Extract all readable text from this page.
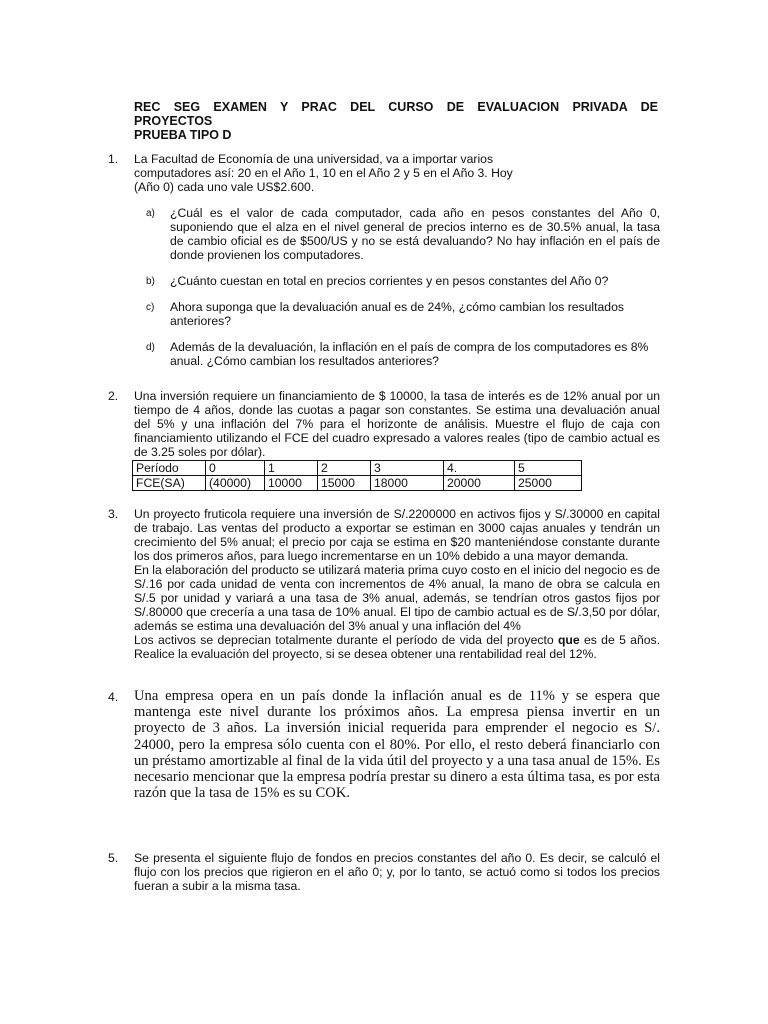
REC SEG EXAMEN Y PRAC DEL CURSO DE EVALUACION PRIVADA DE
PROYECTOS
PRUEBA TIPO D
1.	La Facultad de Economía de una universidad, va a importar varios computadores así: 20 en el Año 1, 10 en el Año 2 y 5 en el Año 3. Hoy (Año 0) cada uno vale US$2.600.

a) ¿Cuál es el valor de cada computador, cada año en pesos constantes del Año 0, suponiendo que el alza en el nivel general de precios interno es de 30.5% anual, la tasa de cambio oficial es de $500/US y no se está devaluando? No hay inflación en el país de donde provienen los computadores.

b) ¿Cuánto cuestan en total en precios corrientes y en pesos constantes del Año 0?

c) Ahora suponga que la devaluación anual es de 24%, ¿cómo cambian los resultados anteriores?

d) Además de la devaluación, la inflación en el país de compra de los computadores es 8% anual. ¿Cómo cambian los resultados anteriores?

2.	Una inversión requiere un financiamiento de $ 10000, la tasa de interés es de 12% anual por un tiempo de 4 años, donde las cuotas a pagar son constantes. Se estima una devaluación anual del 5% y una inflación del 7% para el horizonte de análisis. Muestre el flujo de caja con financiamiento utilizando el FCE del cuadro expresado a valores reales (tipo de cambio actual es de 3.25 soles por dólar).

Período	0	1	2	3	4.	5
FCE(SA)	(40000)	10000	15000	18000	20000	25000
3.	Un proyecto fruticola requiere una inversión de S/.2200000 en activos fijos y S/.30000 en capital de trabajo. Las ventas del producto a exportar se estiman en 3000 cajas anuales y tendrán un crecimiento del 5% anual; el precio por caja se estima en $20 manteniéndose constante durante los dos primeros años, para luego incrementarse en un 10% debido a una mayor demanda.

En la elaboración del producto se utilizará materia prima cuyo costo en el inicio del negocio es de S/.16 por cada unidad de venta con incrementos de 4% anual, la mano de obra se calcula en S/.5 por unidad y variará a una tasa de 3% anual, además, se tendrían otros gastos fijos por S/.80000 que crecería a una tasa de 10% anual. El tipo de cambio actual es de S/.3,50 por dólar, además se estima una devaluación del 3% anual y una inflación del 4%

Los activos se deprecian totalmente durante el período de vida del proyecto que es de 5 años. Realice la evaluación del proyecto, si se desea obtener una rentabilidad real del 12%.

4.	Una empresa opera en un país donde la inflación anual es de 11% y se espera que mantenga este nivel durante los próximos años. La empresa piensa invertir en un proyecto de 3 años. La inversión inicial requerida para emprender el negocio es S/. 24000, pero la empresa sólo cuenta con el 80%. Por ello, el resto deberá financiarlo con un préstamo amortizable al final de la vida útil del proyecto y a una tasa anual de 15%. Es necesario mencionar que la empresa podría prestar su dinero a esta última tasa, es por esta razón que la tasa de 15% es su COK.

5.	Se presenta el siguiente flujo de fondos en precios constantes del año 0. Es decir, se calculó el flujo con los precios que rigieron en el año 0; y, por lo tanto, se actuó como si todos los precios fueran a subir a la misma tasa.
